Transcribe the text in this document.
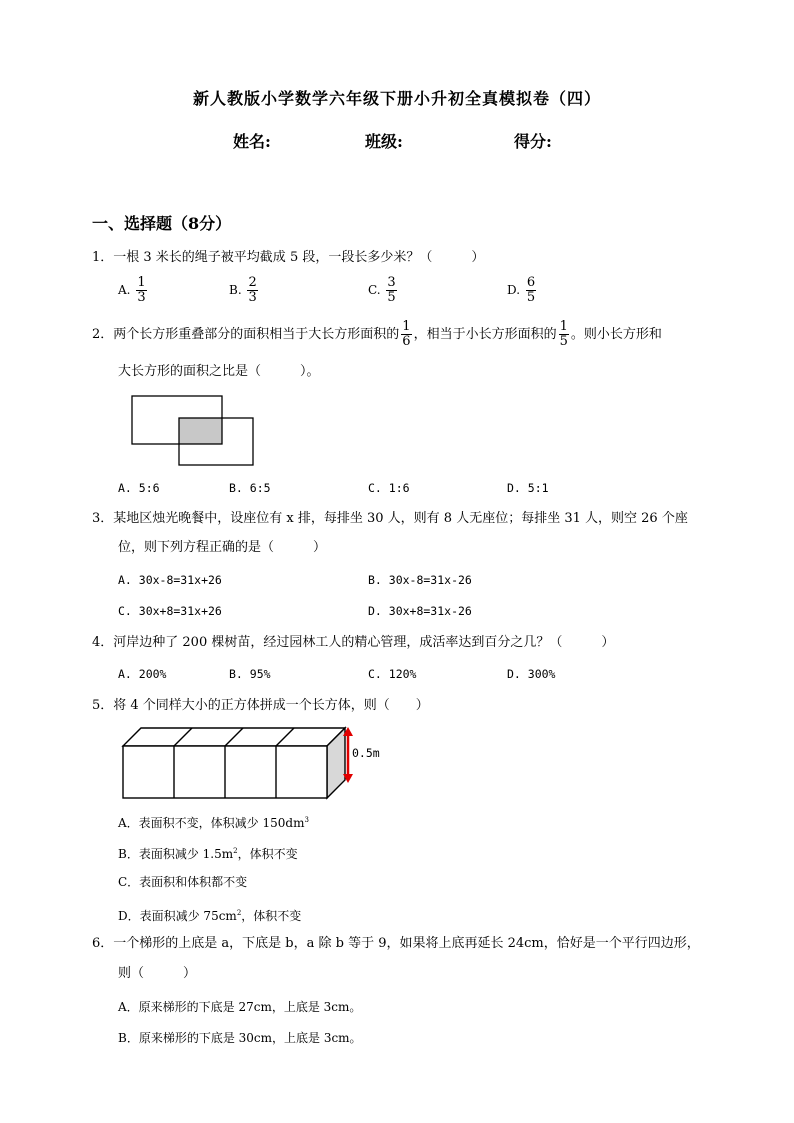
新人教版小学数学六年级下册小升初全真模拟卷（四）
姓名:	班级:	得分:
一、选择题（8分）
1．一根 3 米长的绳子被平均截成 5 段，一段长多少米？（　　　）
A. $\frac{1}{3}$	B. $\frac{2}{3}$	C. $\frac{3}{5}$	D. $\frac{6}{5}$
2．两个长方形重叠部分的面积相当于大长方形面积的 $\frac{1}{6}$ ，相当于小长方形面积的 $\frac{1}{5}$ 。则小长方形和
大长方形的面积之比是（　　　）。
A. 5:6	B. 6:5	C. 1:6	D. 5:1
3．某地区烛光晚餐中，设座位有 x 排，每排坐 30 人，则有 8 人无座位；每排坐 31 人，则空 26 个座
位，则下列方程正确的是（　　　）
A. 30x-8=31x+26	B. 30x-8=31x-26
C. 30x+8=31x+26	D. 30x+8=31x-26
4．河岸边种了 200 棵树苗，经过园林工人的精心管理，成活率达到百分之几？（　　　）
A. 200%	B. 95%	C. 120%	D. 300%
5．将 4 个同样大小的正方体拼成一个长方体，则（　　）
0.5m
A．表面积不变，体积减少 $150dm^3$
B．表面积减少 $1.5m^2$，体积不变
C．表面积和体积都不变
D．表面积减少 $75cm^2$，体积不变
6．一个梯形的上底是 a，下底是 b，a 除 b 等于 9，如果将上底再延长 24cm，恰好是一个平行四边形，
则（　　　）
A．原来梯形的下底是 27cm，上底是 3cm。
B．原来梯形的下底是 30cm，上底是 3cm。
